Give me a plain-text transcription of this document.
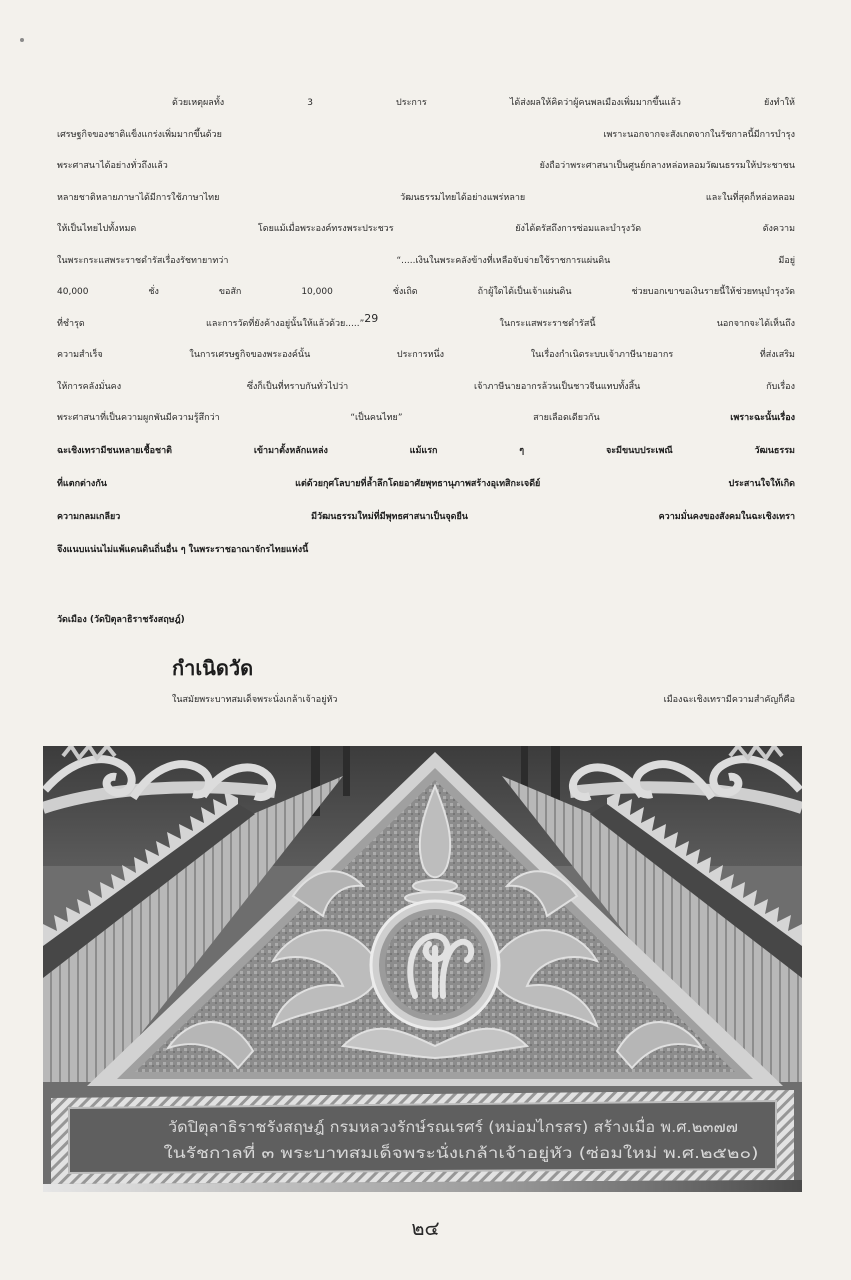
ด้วยเหตุผลทั้ง 3 ประการ ได้ส่งผลให้คิดว่าผู้คนพลเมืองเพิ่มมากขึ้นแล้ว ยังทำให้
เศรษฐกิจของชาติแข็งแกร่งเพิ่มมากขึ้นด้วย เพราะนอกจากจะสังเกตจากในรัชกาลนี้มีการบำรุง
พระศาสนาได้อย่างทั่วถึงแล้ว ยังถือว่าพระศาสนาเป็นศูนย์กลางหล่อหลอมวัฒนธรรมให้ประชาชน
หลายชาติหลายภาษาได้มีการใช้ภาษาไทย วัฒนธรรมไทยได้อย่างแพร่หลาย และในที่สุดก็หล่อหลอม
ให้เป็นไทยไปทั้งหมด โดยแม้เมื่อพระองค์ทรงพระประชวร ยังได้ตรัสถึงการซ่อมและบำรุงวัด ดังความ
ในพระกระแสพระราชดำรัสเรื่องรัชทายาทว่า “.....เงินในพระคลังข้างที่เหลือจับจ่ายใช้ราชการแผ่นดิน มีอยู่
40,000 ชั่ง ขอสัก 10,000 ชั่งเถิด ถ้าผู้ใดได้เป็นเจ้าแผ่นดิน ช่วยบอกเขาขอเงินรายนี้ให้ช่วยทนุบำรุงวัด
ที่ชำรุด และการวัดที่ยังค้างอยู่นั้นให้แล้วด้วย.....”$^{29}$ ในกระแสพระราชดำรัสนี้ นอกจากจะได้เห็นถึง
ความสำเร็จ ในการเศรษฐกิจของพระองค์นั้น ประการหนึ่ง ในเรื่องกำเนิดระบบเจ้าภาษีนายอากร ที่ส่งเสริม
ให้การคลังมั่นคง ซึ่งก็เป็นที่ทราบกันทั่วไปว่า เจ้าภาษีนายอากรล้วนเป็นชาวจีนแทบทั้งสิ้น กับเรื่อง
พระศาสนาที่เป็นความผูกพันมีความรู้สึกว่า “เป็นคนไทย” สายเลือดเดียวกัน เพราะฉะนั้นเรื่อง
ฉะเชิงเทรามีชนหลายเชื้อชาติ เข้ามาตั้งหลักแหล่ง แม้แรก ๆ จะมีขนบประเพณี วัฒนธรรม
ที่แตกต่างกัน แต่ด้วยกุศโลบายที่ล้ำลึกโดยอาศัยพุทธานุภาพสร้างอุเทสิกะเจดีย์ ประสานใจให้เกิด
ความกลมเกลียว มีวัฒนธรรมใหม่ที่มีพุทธศาสนาเป็นจุดยืน ความมั่นคงของสังคมในฉะเชิงเทรา
จึงแนบแน่นไม่แพ้แดนดินถิ่นอื่น ๆ ในพระราชอาณาจักรไทยแห่งนี้
วัดเมือง (วัดปิตุลาธิราชรังสฤษฎ์)
กำเนิดวัด
ในสมัยพระบาทสมเด็จพระนั่งเกล้าเจ้าอยู่หัว เมืองฉะเชิงเทรามีความสำคัญก็คือ
วัดปิตุลาธิราชรังสฤษฎ์ กรมหลวงรักษ์รณเรศร์ (หม่อมไกรสร) สร้างเมื่อ พ.ศ.๒๓๗๗
ในรัชกาลที่ ๓ พระบาทสมเด็จพระนั่งเกล้าเจ้าอยู่หัว (ซ่อมใหม่ พ.ศ.๒๕๒๐)
๒๔
